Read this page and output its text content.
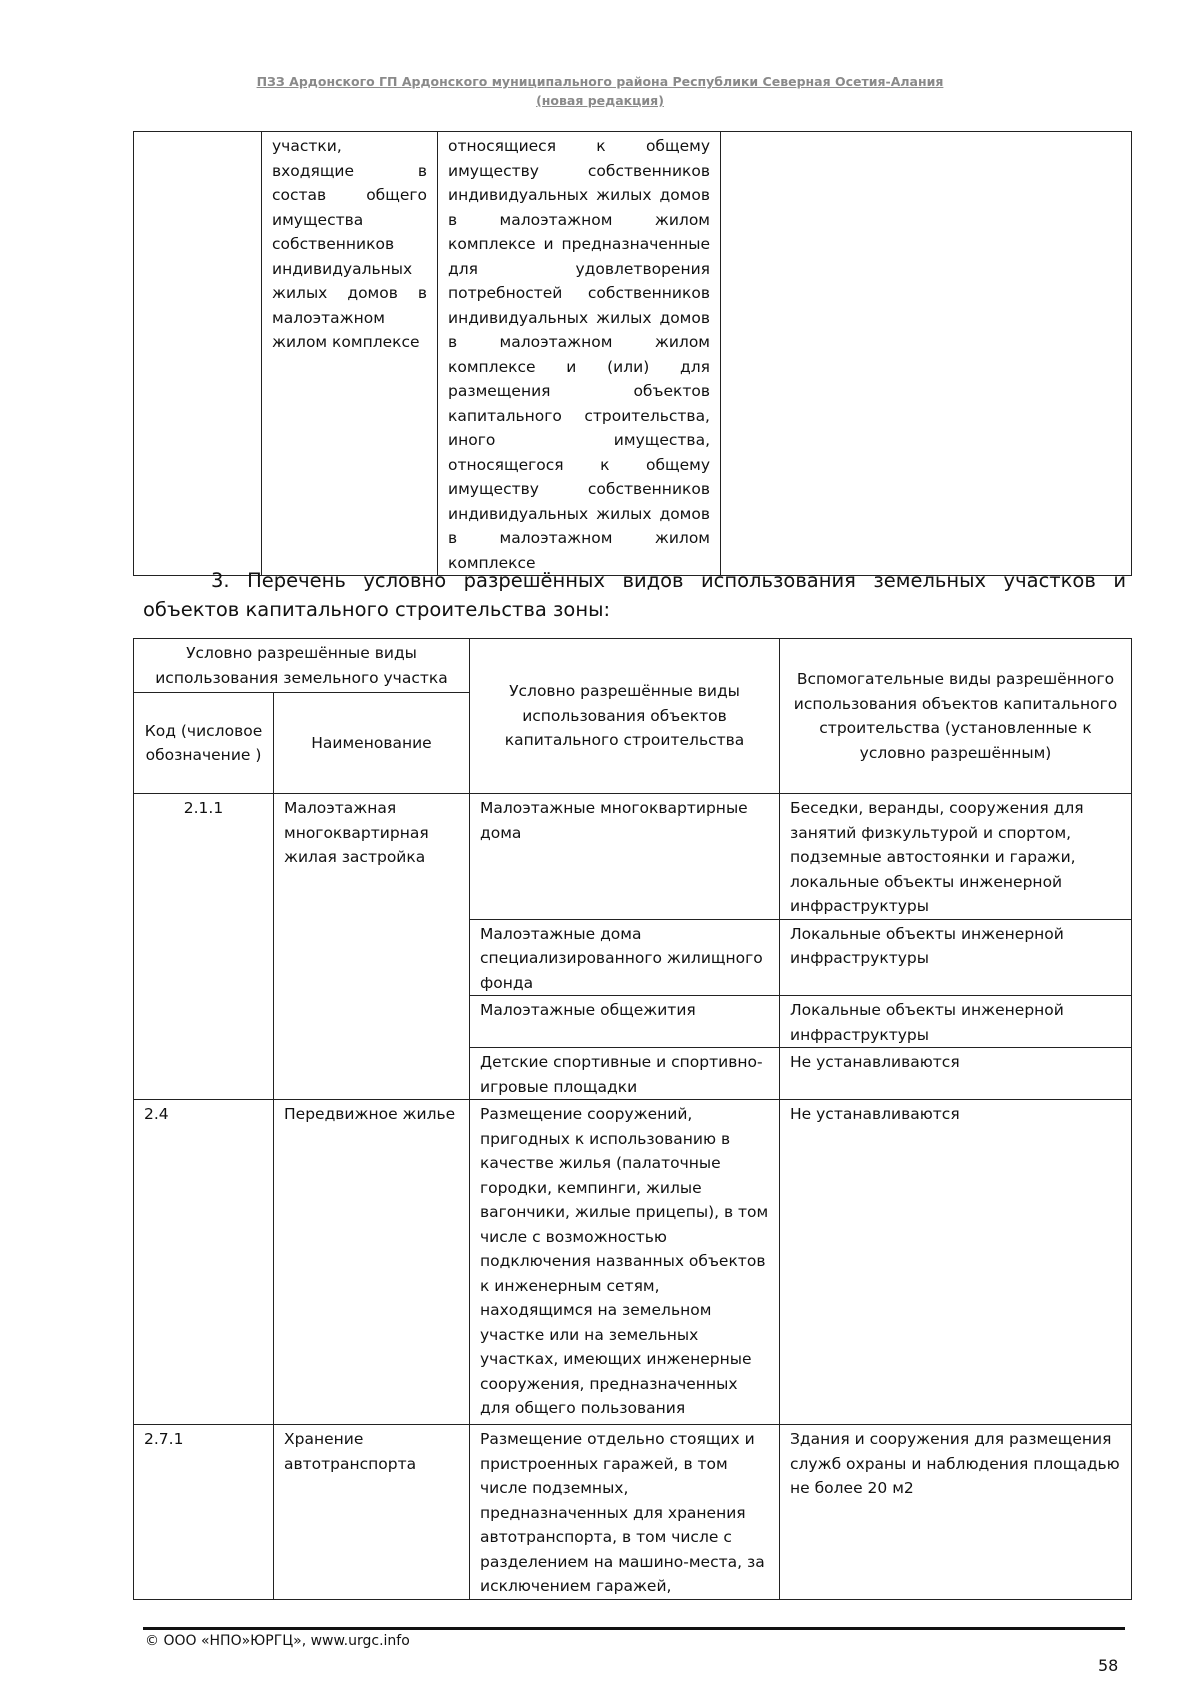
ПЗЗ Ардонского ГП Ардонского муниципального района Республики Северная Осетия-Алания
(новая редакция)
	участки, входящие в состав общего имущества собственников индивидуальных жилых домов в малоэтажном жилом комплексе	относящиеся к общему имуществу собственников индивидуальных жилых домов в малоэтажном жилом комплексе и предназначенные для удовлетворения потребностей собственников индивидуальных жилых домов в малоэтажном жилом комплексе и (или) для размещения объектов капитального строительства, иного имущества, относящегося к общему имуществу собственников индивидуальных жилых домов в малоэтажном жилом комплексе	
3. Перечень условно разрешённых видов использования земельных участков и объектов капитального строительства зоны:
Условно разрешённые виды использования земельного участка		Условно разрешённые виды использования объектов капитального строительства	Вспомогательные виды разрешённого использования объектов капитального строительства (установленные к условно разрешённым)
Код (числовое обозначение )	Наименование		
2.1.1	Малоэтажная многоквартирная жилая застройка	Малоэтажные многоквартирные дома	Беседки, веранды, сооружения для занятий физкультурой и спортом, подземные автостоянки и гаражи, локальные объекты инженерной инфраструктуры
		Малоэтажные дома специализированного жилищного фонда	Локальные объекты инженерной инфраструктуры
		Малоэтажные общежития	Локальные объекты инженерной инфраструктуры
		Детские спортивные и спортивно-игровые площадки	Не устанавливаются
2.4	Передвижное жилье	Размещение сооружений, пригодных к использованию в качестве жилья (палаточные городки, кемпинги, жилые вагончики, жилые прицепы), в том числе с возможностью подключения названных объектов к инженерным сетям, находящимся на земельном участке или на земельных участках, имеющих инженерные сооружения, предназначенных для общего пользования	Не устанавливаются
2.7.1	Хранение автотранспорта	Размещение отдельно стоящих и пристроенных гаражей, в том числе подземных, предназначенных для хранения автотранспорта, в том числе с разделением на машино-места, за исключением гаражей,	Здания и сооружения для размещения служб охраны и наблюдения площадью не более 20 м2
© ООО «НПО»ЮРГЦ», www.urgc.info
58
